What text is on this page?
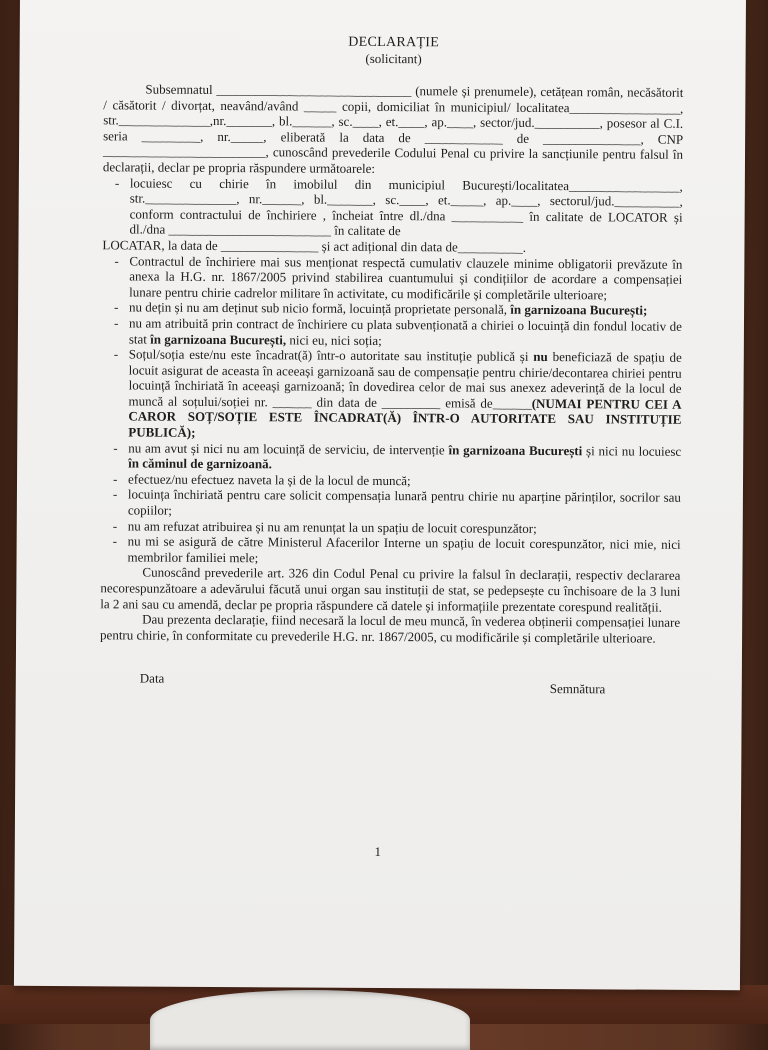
DECLARAȚIE
(solicitant)
Subsemnatul ______________________________ (numele și prenumele), cetățean român, necăsătorit / căsătorit / divorțat, neavând/având _____ copii, domiciliat în municipiul/ localitatea_________________, str.______________,nr._______, bl.______, sc.____, et.____, ap.____, sector/jud.__________, posesor al C.I. seria _________, nr._____, eliberată la data de ____________ de _______________, CNP _________________________, cunoscând prevederile Codului Penal cu privire la sancțiunile pentru falsul în declarații, declar pe propria răspundere următoarele:
- locuiesc cu chirie în imobilul din municipiul București/localitatea_________________, str.______________, nr.______, bl._______, sc.____, et._____, ap.____, sectorul/jud.__________, conform contractului de închiriere , încheiat între dl./dna ___________ în calitate de LOCATOR și dl./dna _________________________ în calitate de
LOCATAR, la data de _______________ și act adițional din data de__________.
- Contractul de închiriere mai sus menționat respectă cumulativ clauzele minime obligatorii prevăzute în anexa la H.G. nr. 1867/2005 privind stabilirea cuantumului și condițiilor de acordare a compensației lunare pentru chirie cadrelor militare în activitate, cu modificările și completările ulterioare;
- nu dețin și nu am deținut sub nicio formă, locuință proprietate personală, în garnizoana București;
- nu am atribuită prin contract de închiriere cu plata subvenționată a chiriei o locuință din fondul locativ de stat în garnizoana București, nici eu, nici soția;
- Soțul/soția este/nu este încadrat(ă) într-o autoritate sau instituție publică și nu beneficiază de spațiu de locuit asigurat de aceasta în aceeași garnizoană sau de compensație pentru chirie/decontarea chiriei pentru locuință închiriată în aceeași garnizoană; în dovedirea celor de mai sus anexez adeverință de la locul de muncă al soțului/soției nr. ______ din data de _________ emisă de______(NUMAI PENTRU CEI A CAROR SOȚ/SOȚIE ESTE ÎNCADRAT(Ă) ÎNTR-O AUTORITATE SAU INSTITUȚIE PUBLICĂ);
- nu am avut și nici nu am locuință de serviciu, de intervenție în garnizoana București și nici nu locuiesc în căminul de garnizoană.
- efectuez/nu efectuez naveta la și de la locul de muncă;
- locuința închiriată pentru care solicit compensația lunară pentru chirie nu aparține părinților, socrilor sau copiilor;
- nu am refuzat atribuirea și nu am renunțat la un spațiu de locuit corespunzător;
- nu mi se asigură de către Ministerul Afacerilor Interne un spațiu de locuit corespunzător, nici mie, nici membrilor familiei mele;
Cunoscând prevederile art. 326 din Codul Penal cu privire la falsul în declarații, respectiv declararea necorespunzătoare a adevărului făcută unui organ sau instituții de stat, se pedepsește cu închisoare de la 3 luni la 2 ani sau cu amendă, declar pe propria răspundere că datele și informațiile prezentate corespund realității.
Dau prezenta declarație, fiind necesară la locul de meu muncă, în vederea obținerii compensației lunare pentru chirie, în conformitate cu prevederile H.G. nr. 1867/2005, cu modificările și completările ulterioare.
Data
Semnătura
1
